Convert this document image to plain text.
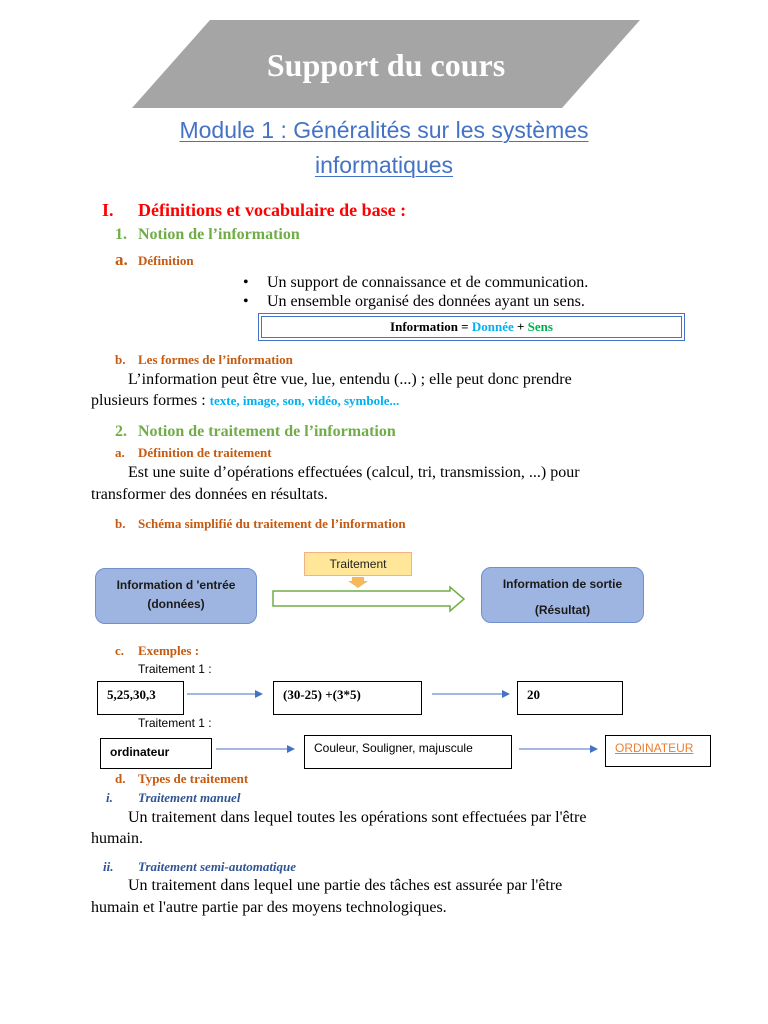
Support du cours
Module 1 : Généralités sur les systèmes
informatiques
I. Définitions et vocabulaire de base :
1. Notion de l’information
a. Définition
• Un support de connaissance et de communication.
• Un ensemble organisé des données ayant un sens.
Information = Donnée + Sens
b. Les formes de l’information
L’information peut être vue, lue, entendu (...) ; elle peut donc prendre
plusieurs formes : texte, image, son, vidéo, symbole...
2. Notion de traitement de l’information
a. Définition de traitement
Est une suite d’opérations effectuées (calcul, tri, transmission, ...) pour
transformer des données en résultats.
b. Schéma simplifié du traitement de l’information
Information d 'entrée
(données)
Traitement
Information de sortie
(Résultat)
c. Exemples :
Traitement 1 :
5,25,30,3	(30-25) +(3*5)	20
Traitement 1 :
ordinateur	Couleur, Souligner, majuscule	ORDINATEUR
d. Types de traitement
i. Traitement manuel
Un traitement dans lequel toutes les opérations sont effectuées par l'être
humain.
ii. Traitement semi-automatique
Un traitement dans lequel une partie des tâches est assurée par l'être
humain et l'autre partie par des moyens technologiques.
